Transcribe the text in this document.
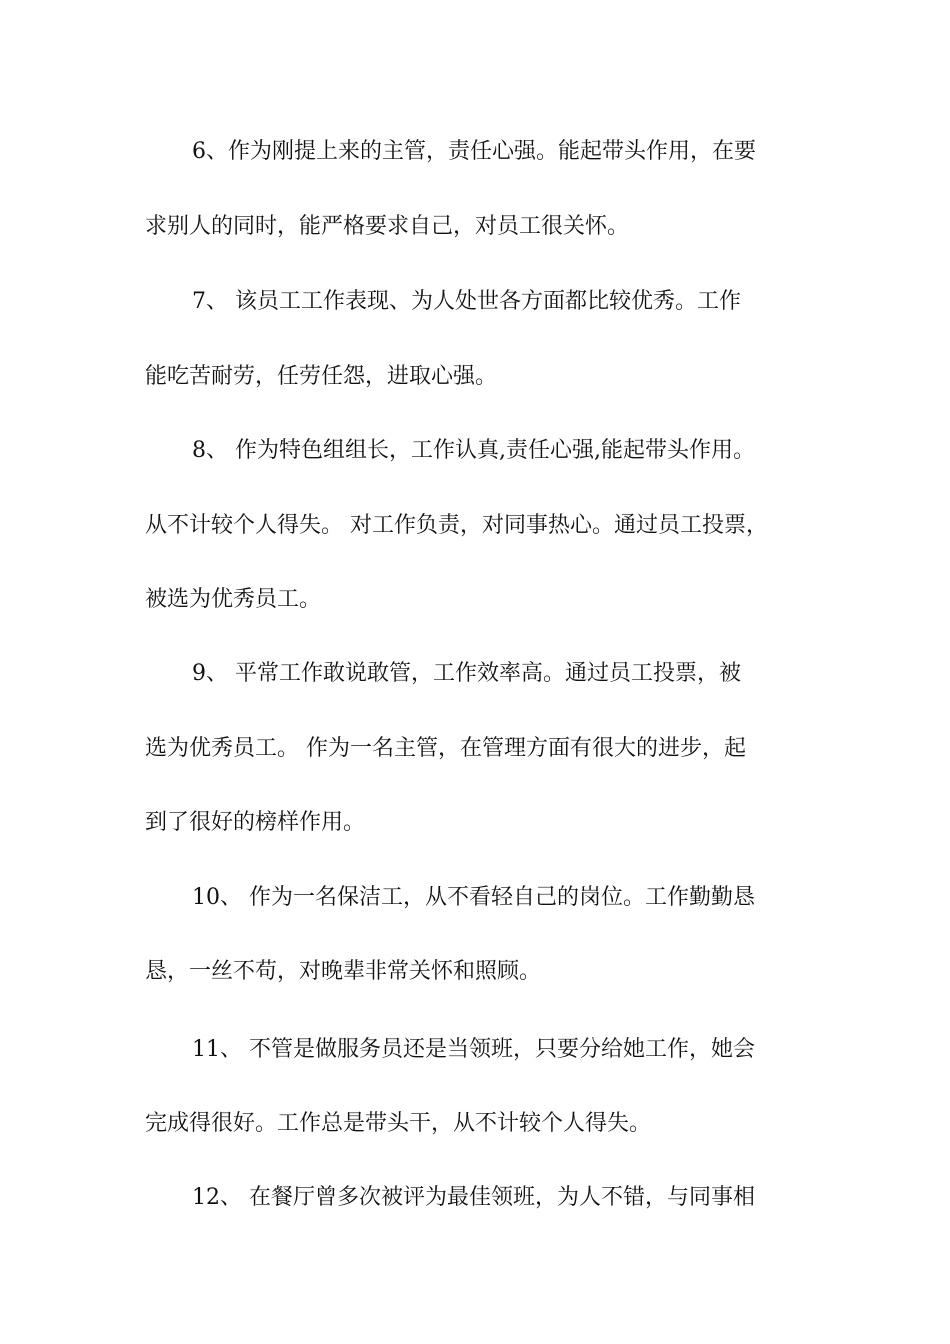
6、作为刚提上来的主管，责任心强。能起带头作用，在要
求别人的同时，能严格要求自己，对员工很关怀。
7、 该员工工作表现、为人处世各方面都比较优秀。工作
能吃苦耐劳，任劳任怨，进取心强。
8、 作为特色组组长，工作认真,责任心强,能起带头作用。
从不计较个人得失。 对工作负责，对同事热心。通过员工投票，
被选为优秀员工。
9、 平常工作敢说敢管，工作效率高。通过员工投票，被
选为优秀员工。 作为一名主管，在管理方面有很大的进步，起
到了很好的榜样作用。
10、 作为一名保洁工，从不看轻自己的岗位。工作勤勤恳
恳，一丝不苟，对晚辈非常关怀和照顾。
11、 不管是做服务员还是当领班，只要分给她工作，她会
完成得很好。工作总是带头干，从不计较个人得失。
12、 在餐厅曾多次被评为最佳领班，为人不错，与同事相
